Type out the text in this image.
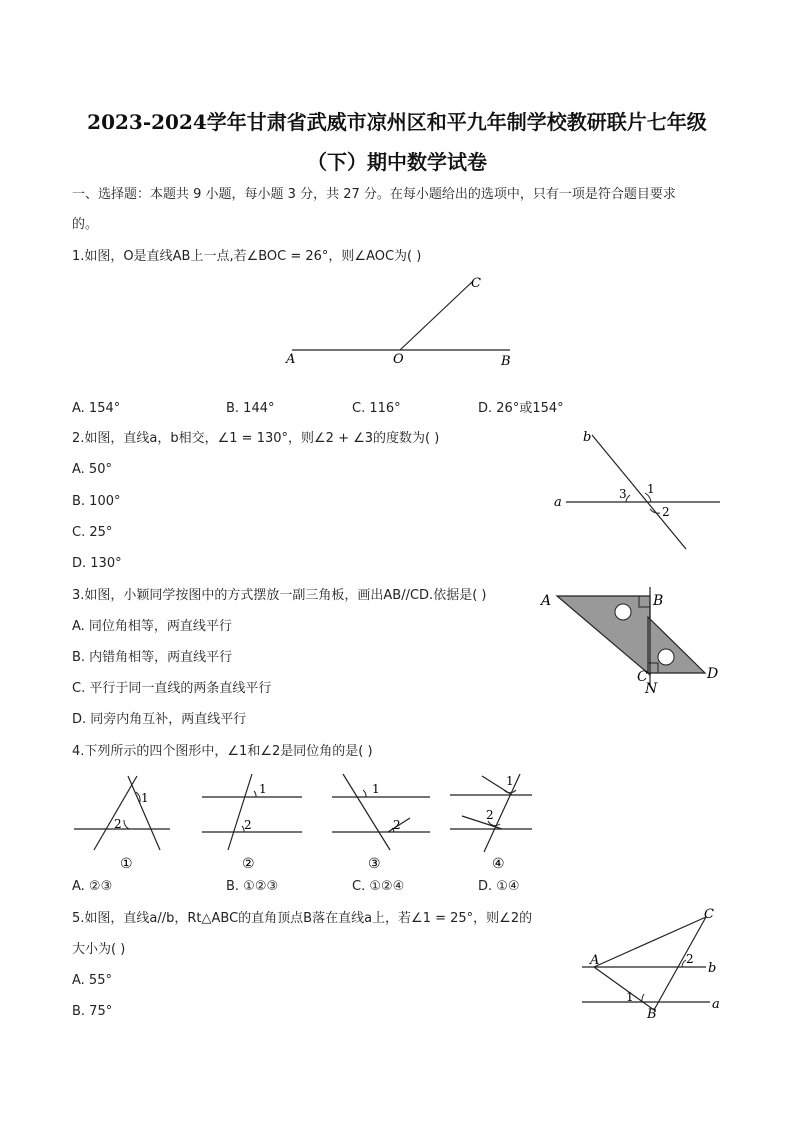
2023-2024学年甘肃省武威市凉州区和平九年制学校教研联片七年级
（下）期中数学试卷
一、选择题：本题共 9 小题，每小题 3 分，共 27 分。在每小题给出的选项中，只有一项是符合题目要求
的。
1.如图，O是直线AB上一点,若∠BOC = 26°，则∠AOC为( )
A	O	B
C
A. 154°	B. 144°	C. 116°	D. 26°或154°
2.如图，直线a，b相交，∠1 = 130°，则∠2 + ∠3的度数为( )
a
b
1
2
3
A. 50°
B. 100°
C. 25°
D. 130°
3.如图，小颖同学按图中的方式摆放一副三角板，画出AB//CD.依据是( )	A	B
C
N
D
A. 同位角相等，两直线平行
B. 内错角相等，两直线平行
C. 平行于同一直线的两条直线平行
D. 同旁内角互补，两直线平行
4.下列所示的四个图形中，∠1和∠2是同位角的是( )
1
2
①
1
2
②
1
2
③
1
2
④
A. ②③	B. ①②③	C. ①②④	D. ①④
5.如图，直线a//b，Rt△ABC的直角顶点B落在直线a上，若∠1 = 25°，则∠2的
大小为( )
A
C
B
b
a
1
2
A. 55°
B. 75°
